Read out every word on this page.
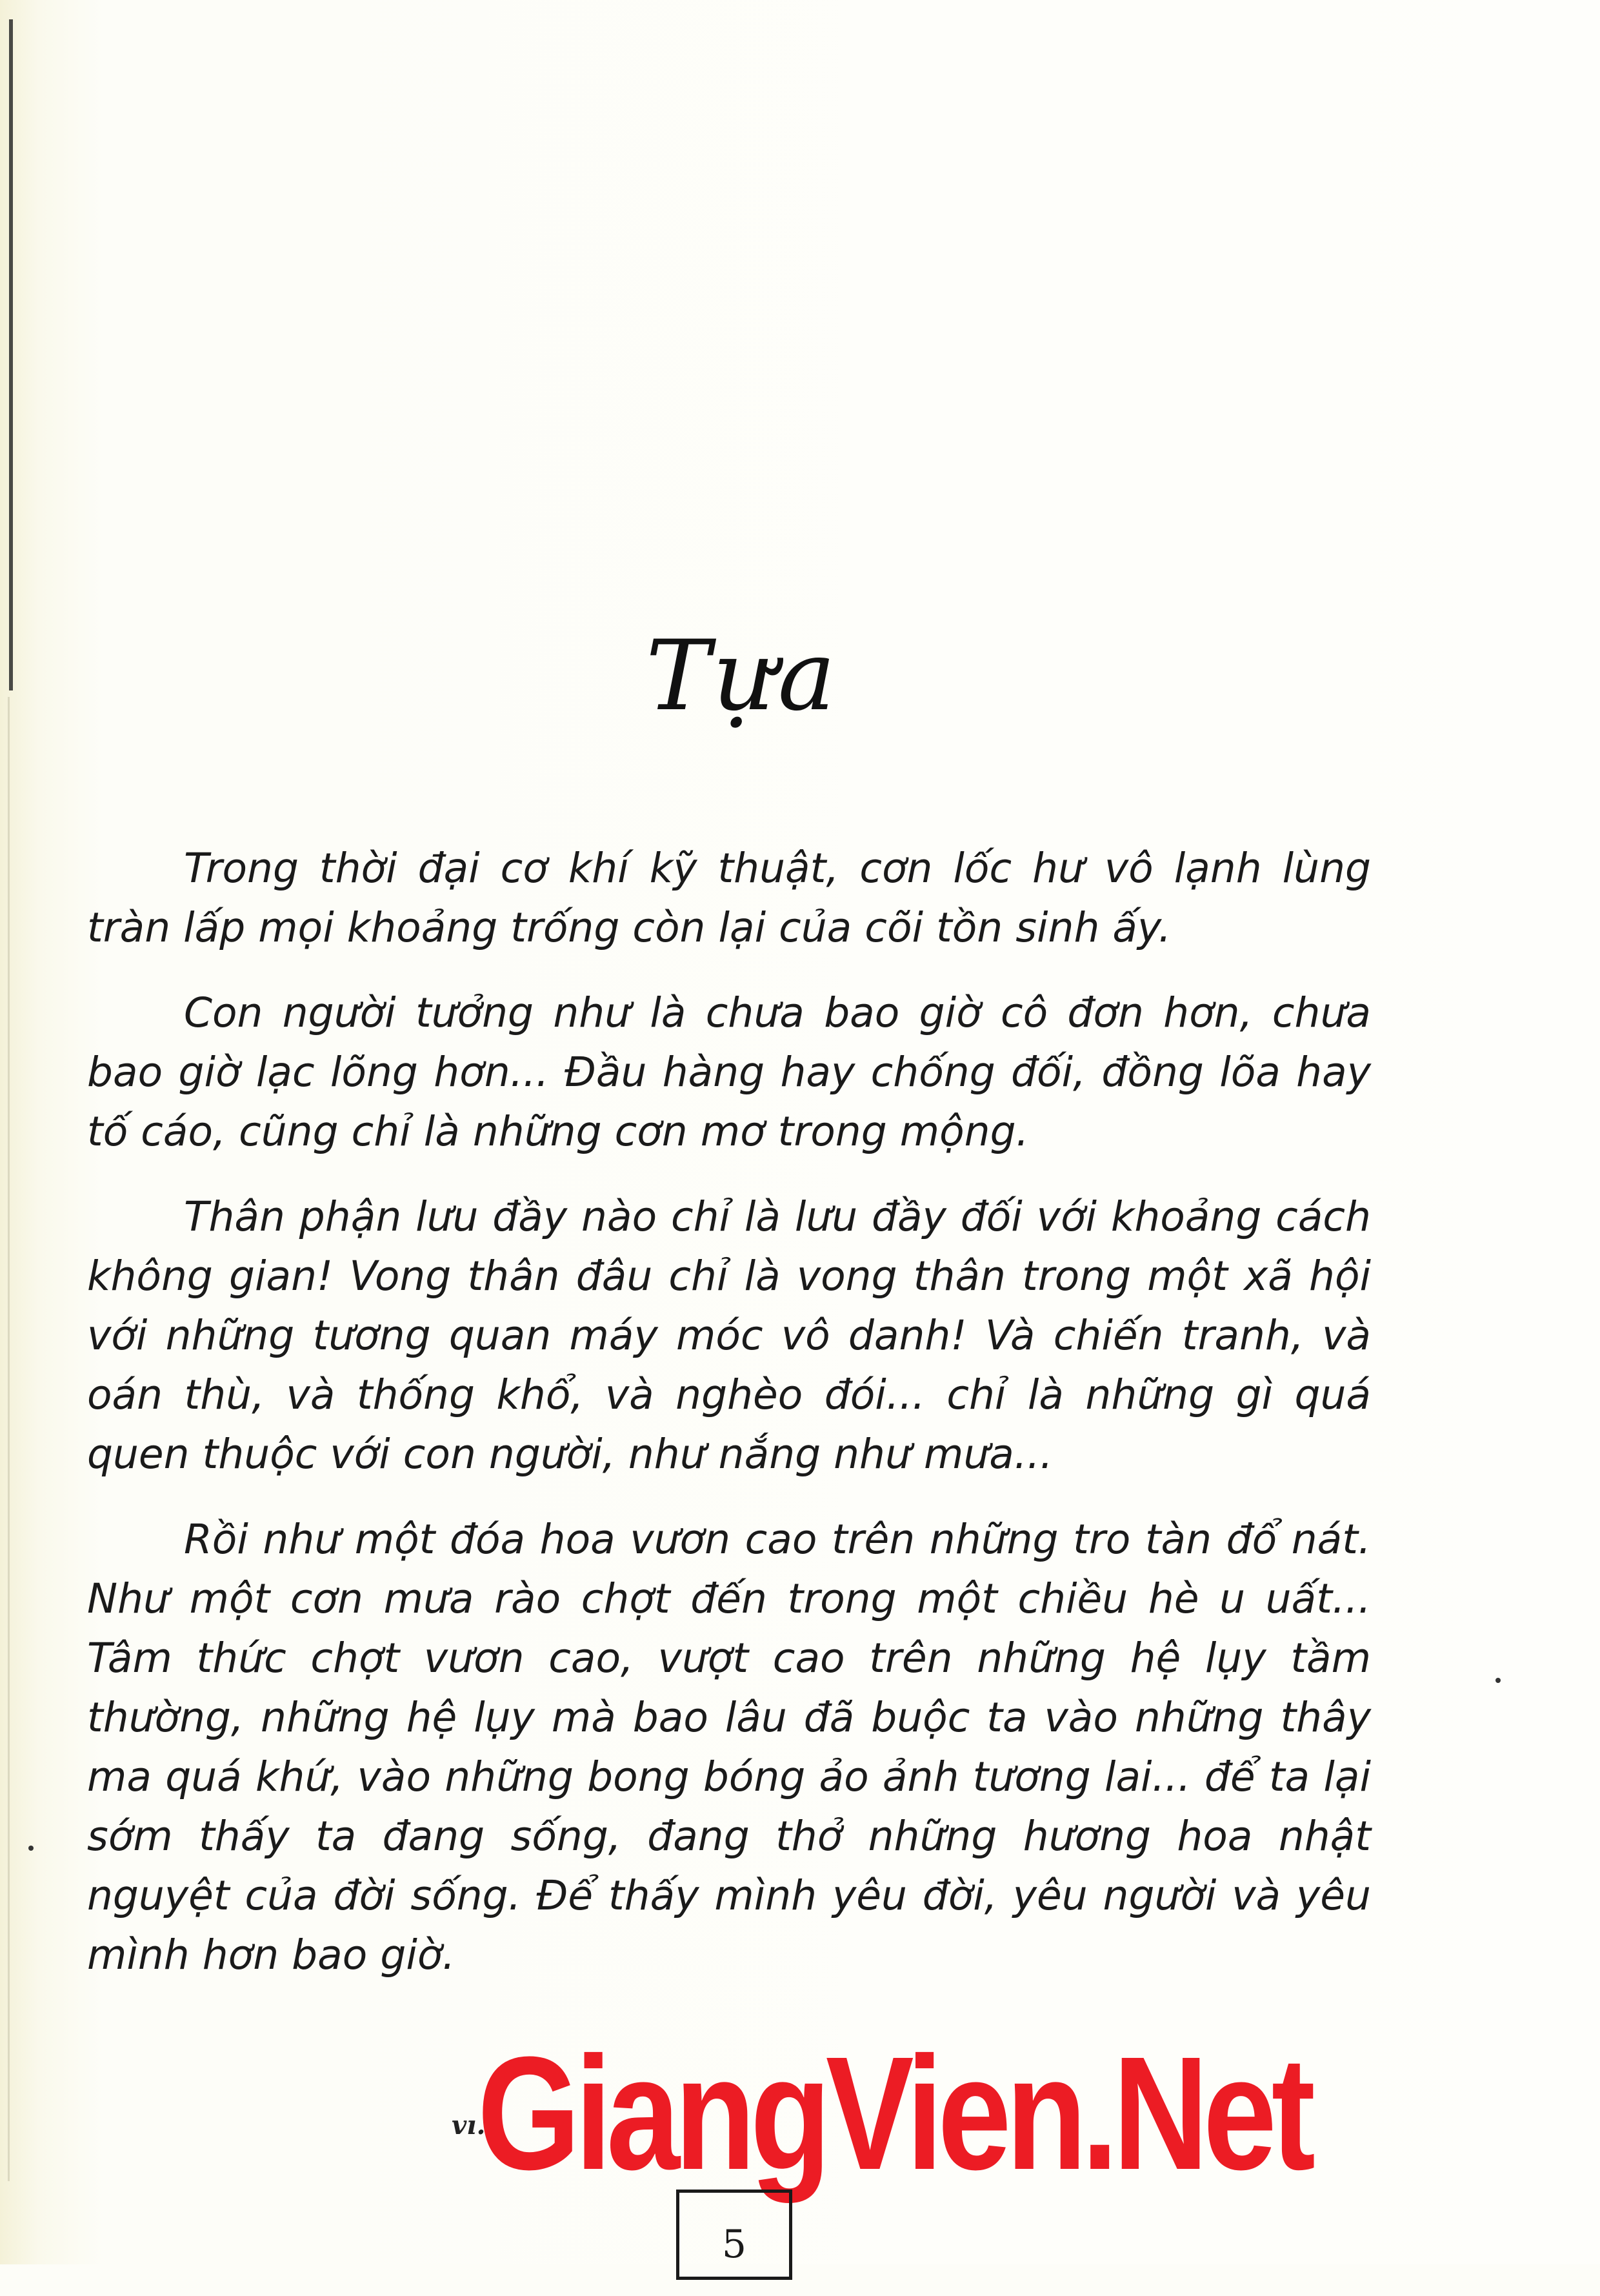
Tựa

Trong thời đại cơ khí kỹ thuật, cơn lốc hư vô lạnh lùng tràn lấp mọi khoảng trống còn lại của cõi tồn sinh ấy.

Con người tưởng như là chưa bao giờ cô đơn hơn, chưa bao giờ lạc lõng hơn... Đầu hàng hay chống đối, đồng lõa hay tố cáo, cũng chỉ là những cơn mơ trong mộng.

Thân phận lưu đầy nào chỉ là lưu đầy đối với khoảng cách không gian! Vong thân đâu chỉ là vong thân trong một xã hội với những tương quan máy móc vô danh! Và chiến tranh, và oán thù, và thống khổ, và nghèo đói... chỉ là những gì quá quen thuộc với con người, như nắng như mưa...

Rồi như một đóa hoa vươn cao trên những tro tàn đổ nát. Như một cơn mưa rào chợt đến trong một chiều hè u uất... Tâm thức chợt vươn cao, vượt cao trên những hệ lụy tầm thường, những hệ lụy mà bao lâu đã buộc ta vào những thây ma quá khứ, vào những bong bóng ảo ảnh tương lai... để ta lại sớm thấy ta đang sống, đang thở những hương hoa nhật nguyệt của đời sống. Để thấy mình yêu đời, yêu người và yêu mình hơn bao giờ.

vı.
GiangVien.Net
5
